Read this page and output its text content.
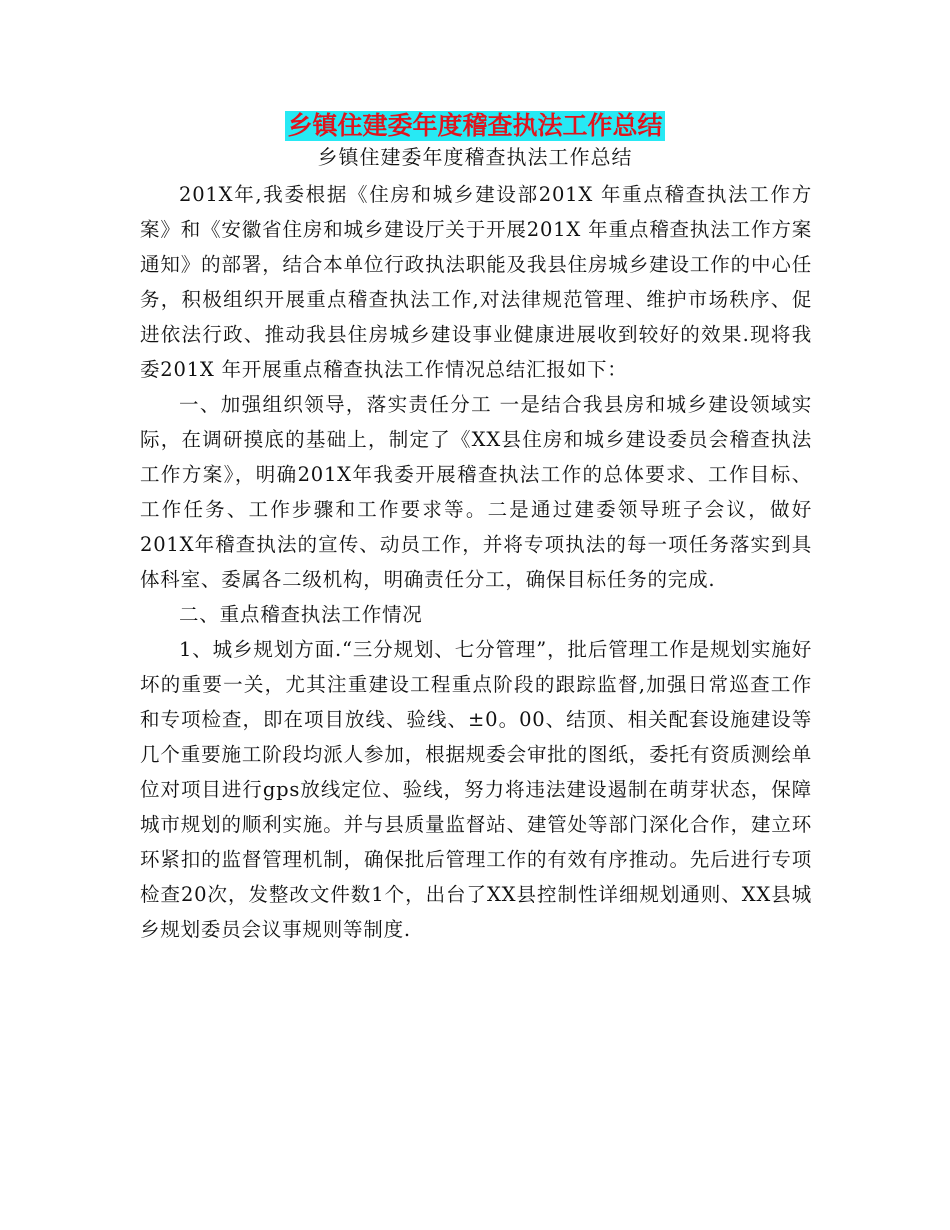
乡镇住建委年度稽查执法工作总结
乡镇住建委年度稽查执法工作总结

201X年,我委根据《住房和城乡建设部201X 年重点稽查执法工作方案》和《安徽省住房和城乡建设厅关于开展201X 年重点稽查执法工作方案通知》的部署，结合本单位行政执法职能及我县住房城乡建设工作的中心任务，积极组织开展重点稽查执法工作,对法律规范管理、维护市场秩序、促进依法行政、推动我县住房城乡建设事业健康进展收到较好的效果.现将我委201X 年开展重点稽查执法工作情况总结汇报如下：

一、加强组织领导，落实责任分工 一是结合我县房和城乡建设领域实际，在调研摸底的基础上，制定了《XX县住房和城乡建设委员会稽查执法工作方案》，明确201X年我委开展稽查执法工作的总体要求、工作目标、工作任务、工作步骤和工作要求等。二是通过建委领导班子会议，做好201X年稽查执法的宣传、动员工作，并将专项执法的每一项任务落实到具体科室、委属各二级机构，明确责任分工，确保目标任务的完成.

二、重点稽查执法工作情况

1、城乡规划方面.“三分规划、七分管理”，批后管理工作是规划实施好坏的重要一关，尤其注重建设工程重点阶段的跟踪监督,加强日常巡查工作和专项检查，即在项目放线、验线、±0。00、结顶、相关配套设施建设等几个重要施工阶段均派人参加，根据规委会审批的图纸，委托有资质测绘单位对项目进行gps放线定位、验线，努力将违法建设遏制在萌芽状态，保障城市规划的顺利实施。并与县质量监督站、建管处等部门深化合作，建立环环紧扣的监督管理机制，确保批后管理工作的有效有序推动。先后进行专项检查20次，发整改文件数1个，出台了XX县控制性详细规划通则、XX县城乡规划委员会议事规则等制度.
